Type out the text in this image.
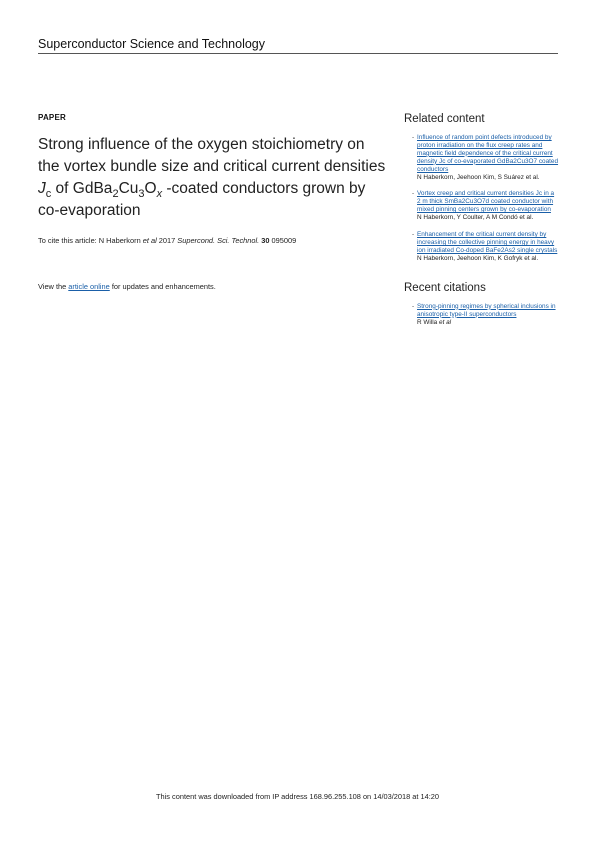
Superconductor Science and Technology
PAPER
Strong influence of the oxygen stoichiometry on the vortex bundle size and critical current densities $J_c$ of $GdBa_2Cu_3O_x$ -coated conductors grown by co-evaporation
To cite this article: N Haberkorn et al 2017 Supercond. Sci. Technol. 30 095009
View the article online for updates and enhancements.
Related content
- Influence of random point defects introduced by proton irradiation on the flux creep rates and magnetic field dependence of the critical current density Jc of co-evaporated GdBa2Cu3O7 coated conductors
N Haberkorn, Jeehoon Kim, S Suárez et al.
- Vortex creep and critical current densities Jc in a 2 m thick SmBa2Cu3O7d coated conductor with mixed pinning centers grown by co-evaporation
N Haberkorn, Y Coulter, A M Condó et al.
- Enhancement of the critical current density by increasing the collective pinning energy in heavy ion irradiated Co-doped BaFe2As2 single crystals
N Haberkorn, Jeehoon Kim, K Gofryk et al.
Recent citations
- Strong-pinning regimes by spherical inclusions in anisotropic type-II superconductors
R Willa et al
This content was downloaded from IP address 168.96.255.108 on 14/03/2018 at 14:20
